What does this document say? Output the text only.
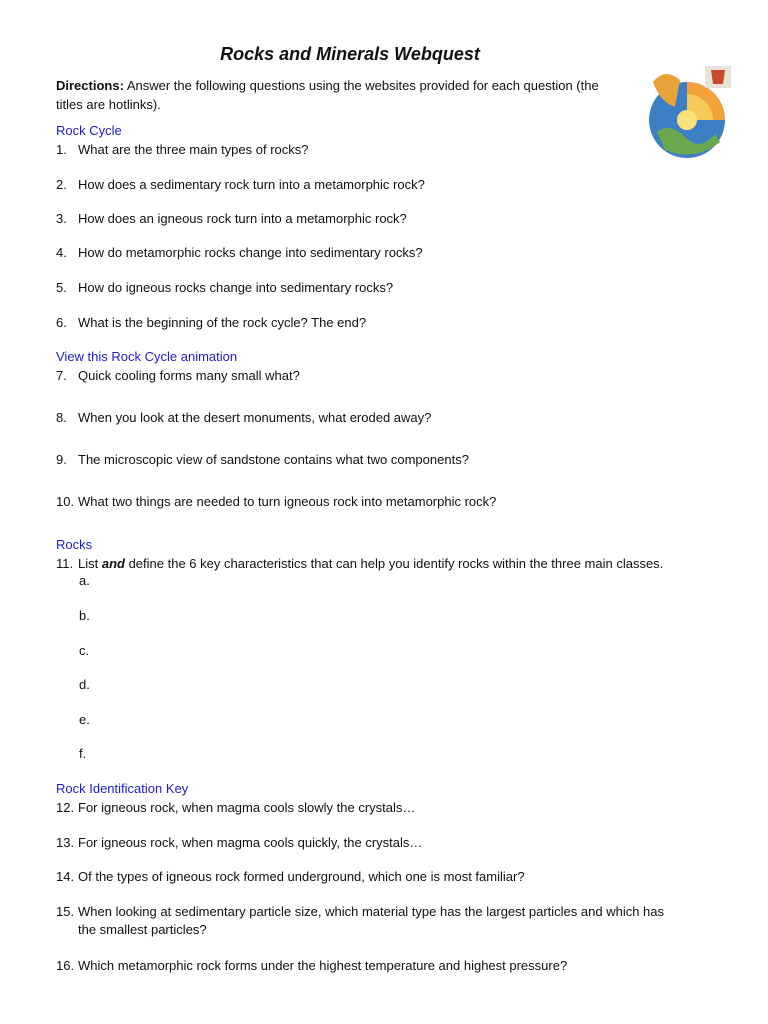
Rocks and Minerals Webquest
Directions: Answer the following questions using the websites provided for each question (the
titles are hotlinks).
Rock Cycle
1. What are the three main types of rocks?
2. How does a sedimentary rock turn into a metamorphic rock?
3. How does an igneous rock turn into a metamorphic rock?
4. How do metamorphic rocks change into sedimentary rocks?
5. How do igneous rocks change into sedimentary rocks?
6. What is the beginning of the rock cycle? The end?
View this Rock Cycle animation
7. Quick cooling forms many small what?
8. When you look at the desert monuments, what eroded away?
9. The microscopic view of sandstone contains what two components?
10. What two things are needed to turn igneous rock into metamorphic rock?
Rocks
11. List and define the 6 key characteristics that can help you identify rocks within the three main classes.
a.
b.
c.
d.
e.
f.
Rock Identification Key
12. For igneous rock, when magma cools slowly the crystals…
13. For igneous rock, when magma cools quickly, the crystals…
14. Of the types of igneous rock formed underground, which one is most familiar?
15. When looking at sedimentary particle size, which material type has the largest particles and which has
the smallest particles?
16. Which metamorphic rock forms under the highest temperature and highest pressure?
